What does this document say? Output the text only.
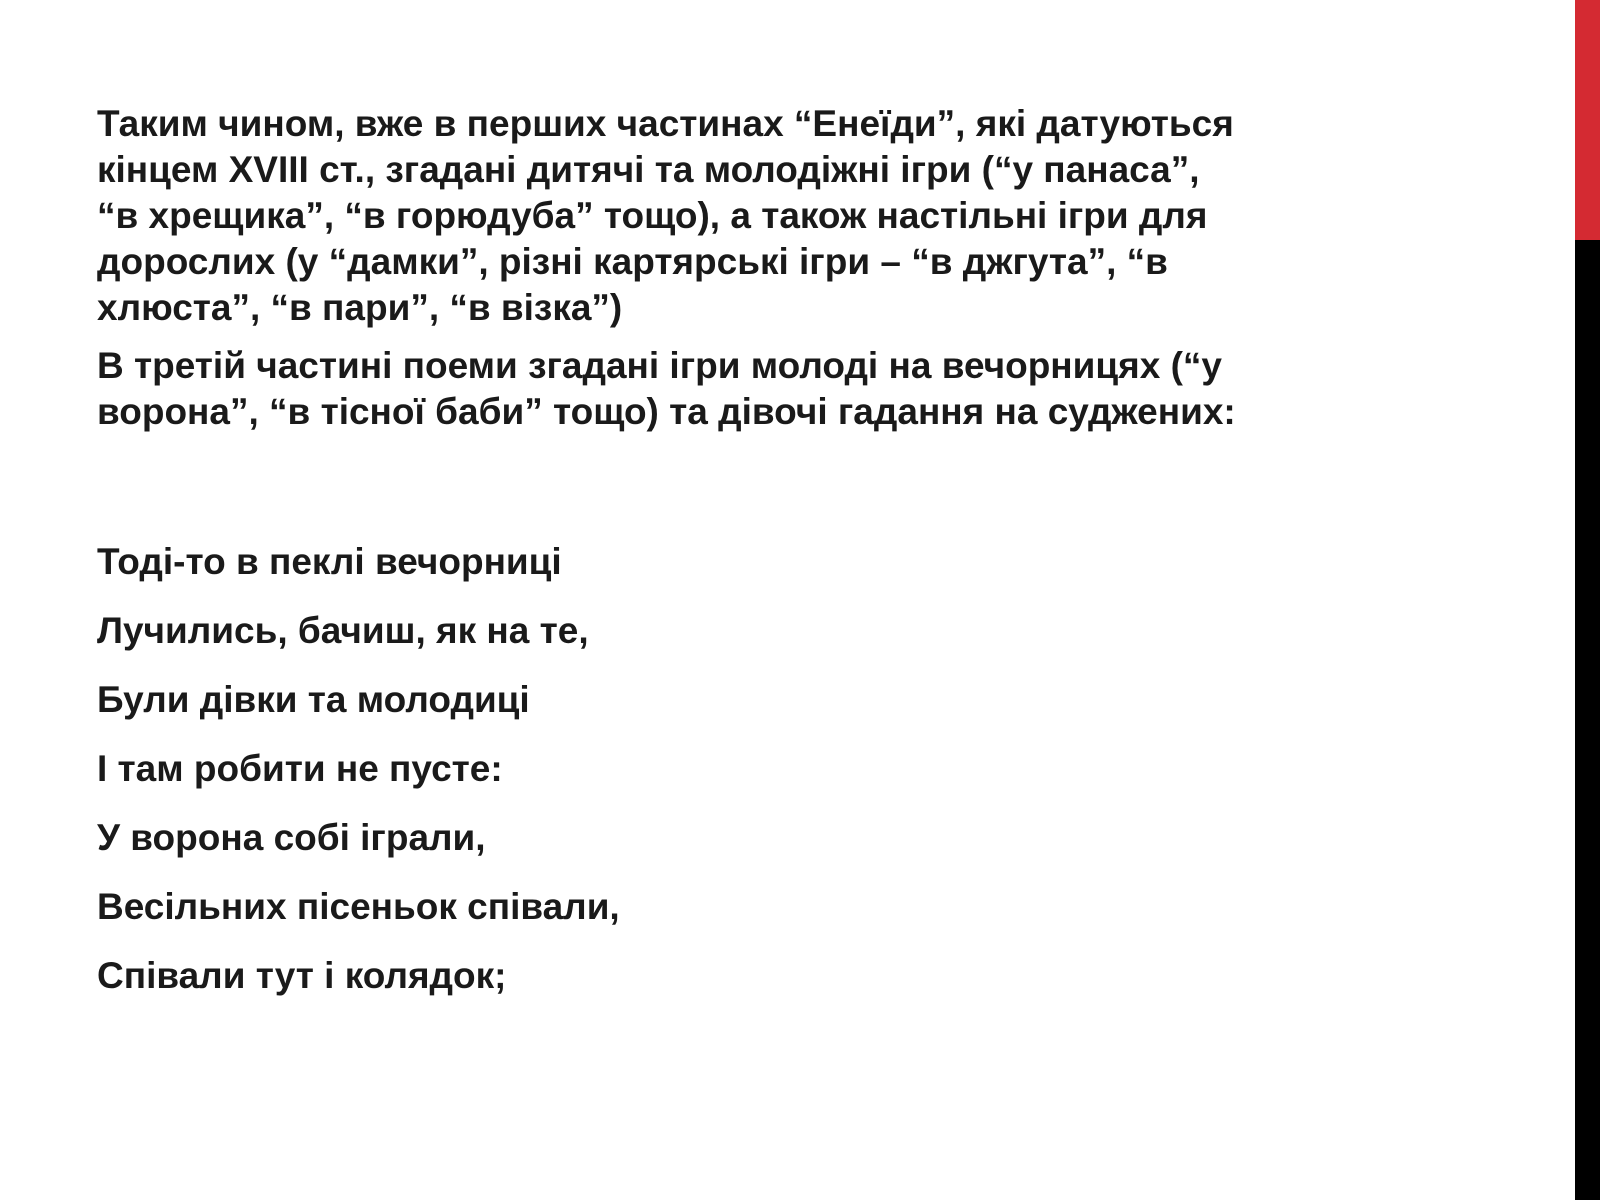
Таким чином, вже в перших частинах “Енеїди”, які датуються
кінцем XVIII ст., згадані дитячі та молодіжні ігри (“у панаса”,
“в хрещика”, “в горюдуба” тощо), а також настільні ігри для
дорослих (у “дамки”, різні картярські ігри – “в джгута”, “в
хлюста”, “в пари”, “в візка”)

В третій частині поеми згадані ігри молоді на вечорницях (“у
ворона”, “в тісної баби” тощо) та дівочі гадання на суджених:

Тоді-то в пеклі вечорниці
Лучились, бачиш, як на те,
Були дівки та молодиці
І там робити не пусте:
У ворона собі іграли,
Весільних пісеньок співали,
Співали тут і колядок;
